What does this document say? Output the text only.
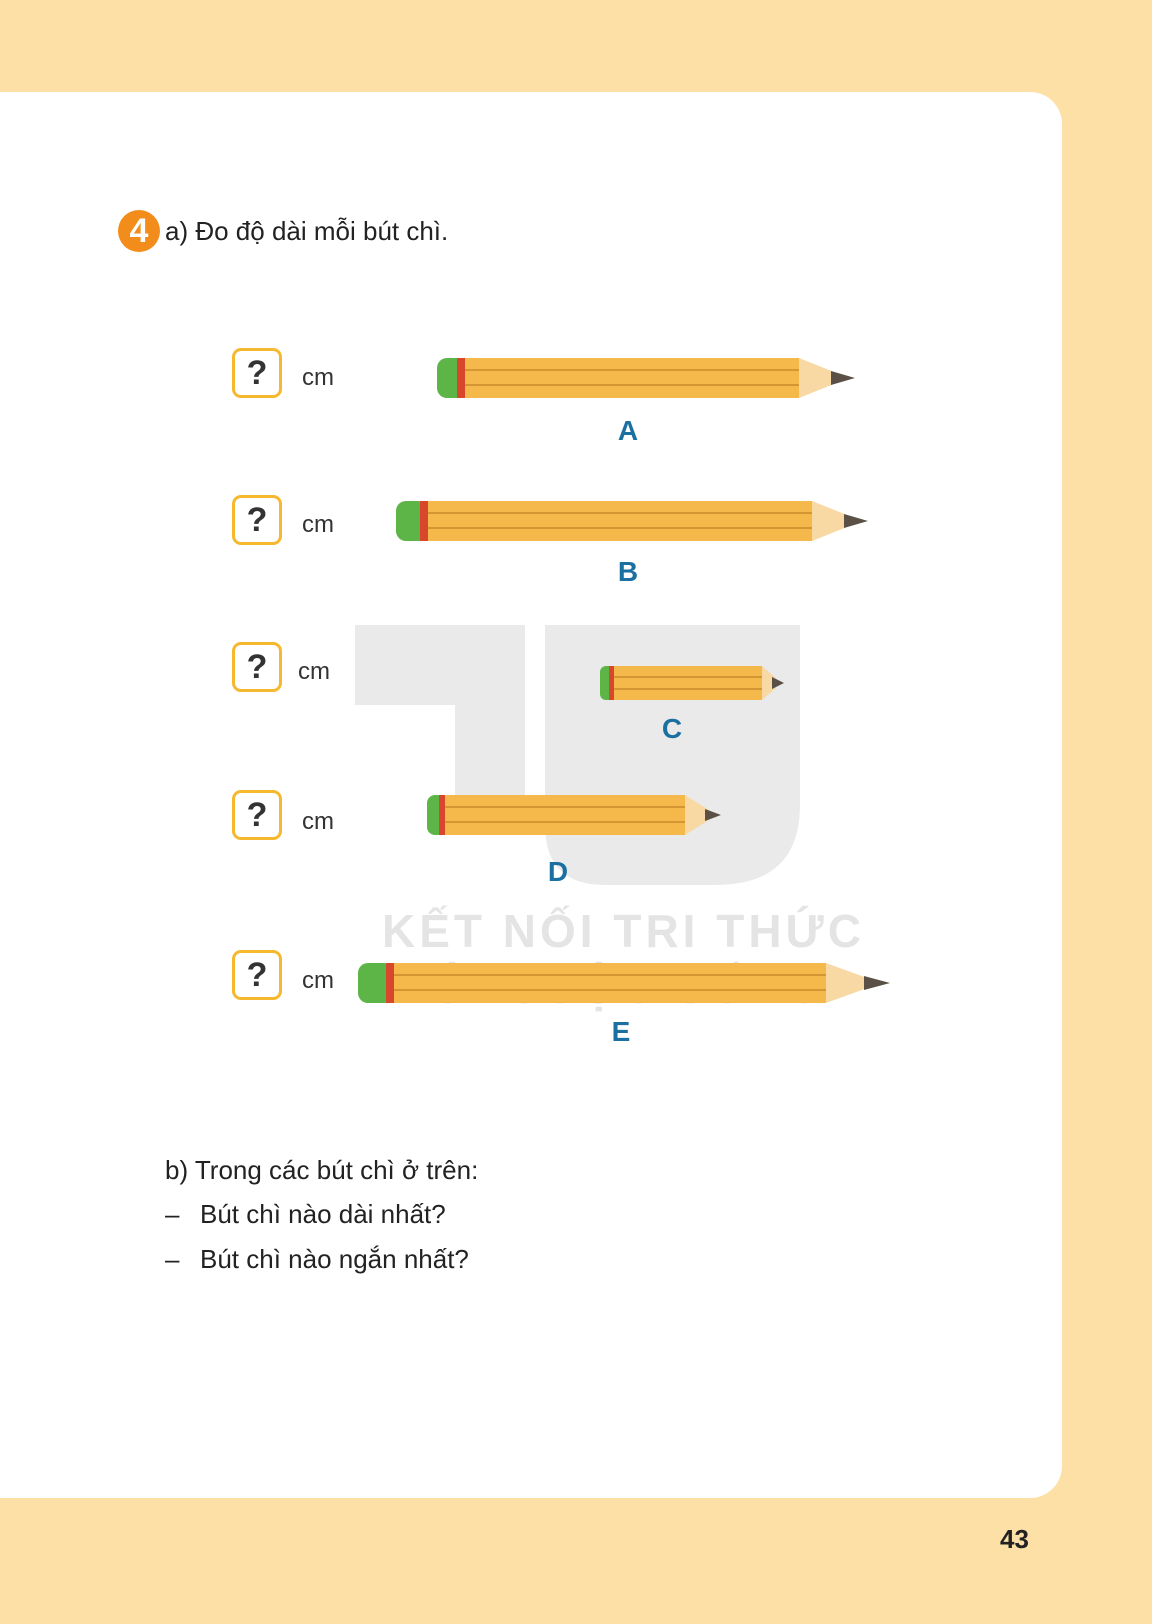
KẾT NỐI TRI THỨC
4 a) Đo độ dài mỗi bút chì.
?	cm
A
?	cm
B
?	cm
C
?	cm
D
?	cm
E
b) Trong các bút chì ở trên:
– Bút chì nào dài nhất?
– Bút chì nào ngắn nhất?
43
